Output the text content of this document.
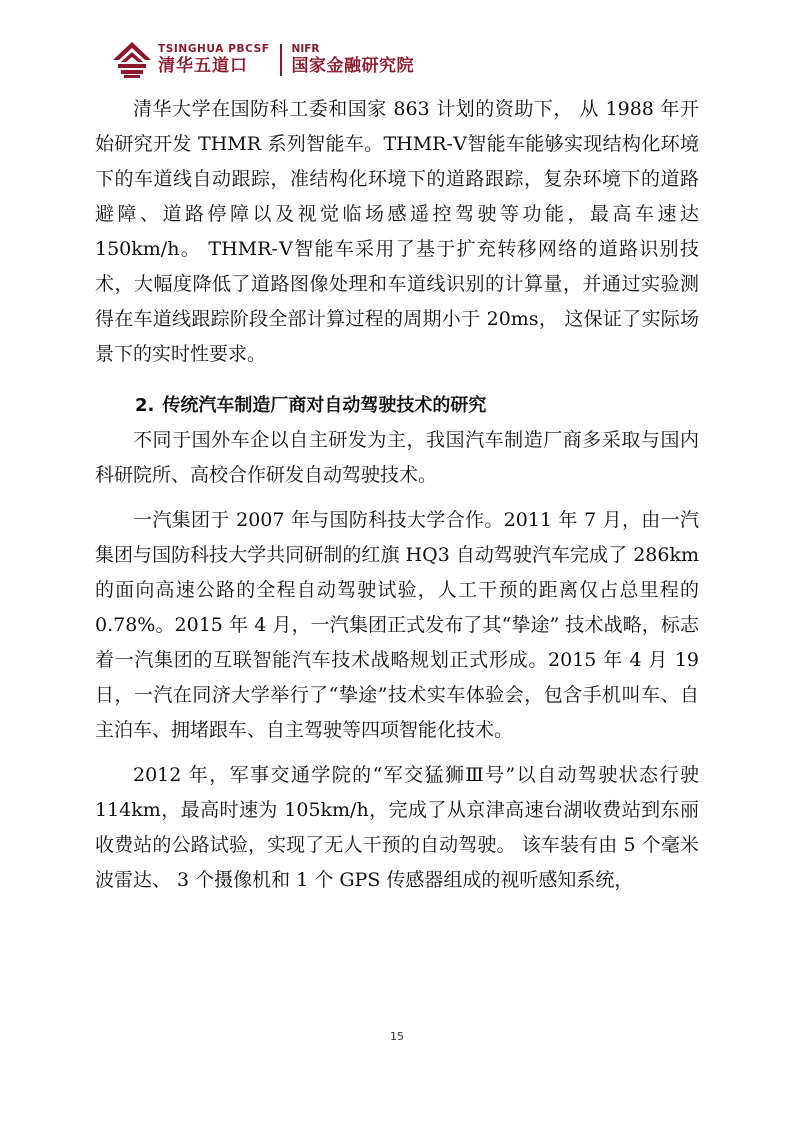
TSINGHUA PBCSF
清华五道口
NIFR
国家金融研究院

清华大学在国防科工委和国家 863 计划的资助下， 从 1988 年开始研究开发 THMR 系列智能车。THMR-Ⅴ智能车能够实现结构化环境下的车道线自动跟踪，准结构化环境下的道路跟踪，复杂环境下的道路避障、道路停障以及视觉临场感遥控驾驶等功能，最高车速达 150km/h。 THMR-Ⅴ智能车采用了基于扩充转移网络的道路识别技术，大幅度降低了道路图像处理和车道线识别的计算量，并通过实验测得在车道线跟踪阶段全部计算过程的周期小于 20ms， 这保证了实际场景下的实时性要求。

2. 传统汽车制造厂商对自动驾驶技术的研究

不同于国外车企以自主研发为主，我国汽车制造厂商多采取与国内科研院所、高校合作研发自动驾驶技术。

一汽集团于 2007 年与国防科技大学合作。2011 年 7 月，由一汽集团与国防科技大学共同研制的红旗 HQ3 自动驾驶汽车完成了 286km 的面向高速公路的全程自动驾驶试验，人工干预的距离仅占总里程的 0.78%。2015 年 4 月，一汽集团正式发布了其“挚途” 技术战略，标志着一汽集团的互联智能汽车技术战略规划正式形成。2015 年 4 月 19 日，一汽在同济大学举行了“挚途”技术实车体验会，包含手机叫车、自主泊车、拥堵跟车、自主驾驶等四项智能化技术。

2012 年，军事交通学院的“军交猛狮Ⅲ号”以自动驾驶状态行驶 114km，最高时速为 105km/h，完成了从京津高速台湖收费站到东丽收费站的公路试验，实现了无人干预的自动驾驶。 该车装有由 5 个毫米波雷达、 3 个摄像机和 1 个 GPS 传感器组成的视听感知系统，

15
